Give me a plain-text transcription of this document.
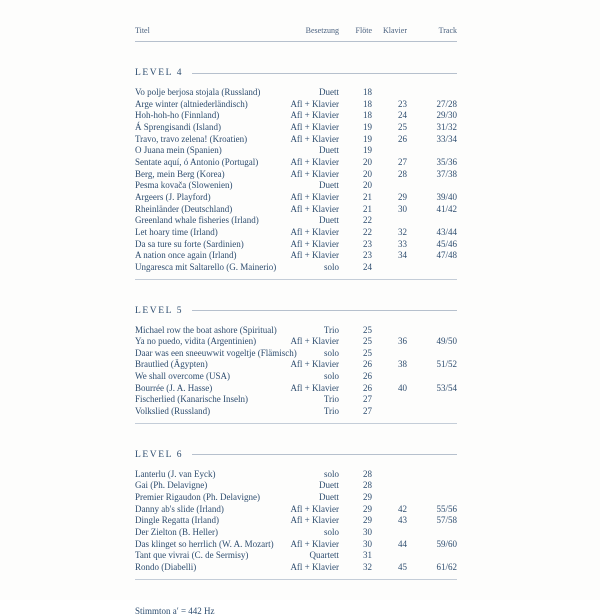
Titel	Besetzung	Flöte	Klavier	Track
LEVEL 4
Vo polje berjosa stojala (Russland)	Duett	18
Arge winter (altniederländisch)	Afl + Klavier	18	23	27/28
Hoh-hoh-ho (Finnland)	Afl + Klavier	18	24	29/30
Á Sprengisandi (Island)	Afl + Klavier	19	25	31/32
Travo, travo zelena! (Kroatien)	Afl + Klavier	19	26	33/34
O Juana mein (Spanien)	Duett	19
Sentate aquí, ó Antonio (Portugal)	Afl + Klavier	20	27	35/36
Berg, mein Berg (Korea)	Afl + Klavier	20	28	37/38
Pesma kovača (Slowenien)	Duett	20
Argeers (J. Playford)	Afl + Klavier	21	29	39/40
Rheinländer (Deutschland)	Afl + Klavier	21	30	41/42
Greenland whale fisheries (Irland)	Duett	22
Let hoary time (Irland)	Afl + Klavier	22	32	43/44
Da sa ture su forte (Sardinien)	Afl + Klavier	23	33	45/46
A nation once again (Irland)	Afl + Klavier	23	34	47/48
Ungaresca mit Saltarello (G. Mainerio)	solo	24
LEVEL 5
Michael row the boat ashore (Spiritual)	Trio	25
Ya no puedo, vidita (Argentinien)	Afl + Klavier	25	36	49/50
Daar was een sneeuwwit vogeltje (Flämisch)	solo	25
Brautlied (Ägypten)	Afl + Klavier	26	38	51/52
We shall overcome (USA)	solo	26
Bourrée (J. A. Hasse)	Afl + Klavier	26	40	53/54
Fischerlied (Kanarische Inseln)	Trio	27
Volkslied (Russland)	Trio	27
LEVEL 6
Lanterlu (J. van Eyck)	solo	28
Gai (Ph. Delavigne)	Duett	28
Premier Rigaudon (Ph. Delavigne)	Duett	29
Danny ab's slide (Irland)	Afl + Klavier	29	42	55/56
Dingle Regatta (Irland)	Afl + Klavier	29	43	57/58
Der Zielton (B. Heller)	solo	30
Das klinget so herrlich (W. A. Mozart)	Afl + Klavier	30	44	59/60
Tant que vivrai (C. de Sermisy)	Quartett	31
Rondo (Diabelli)	Afl + Klavier	32	45	61/62
Stimmton a′ = 442 Hz
